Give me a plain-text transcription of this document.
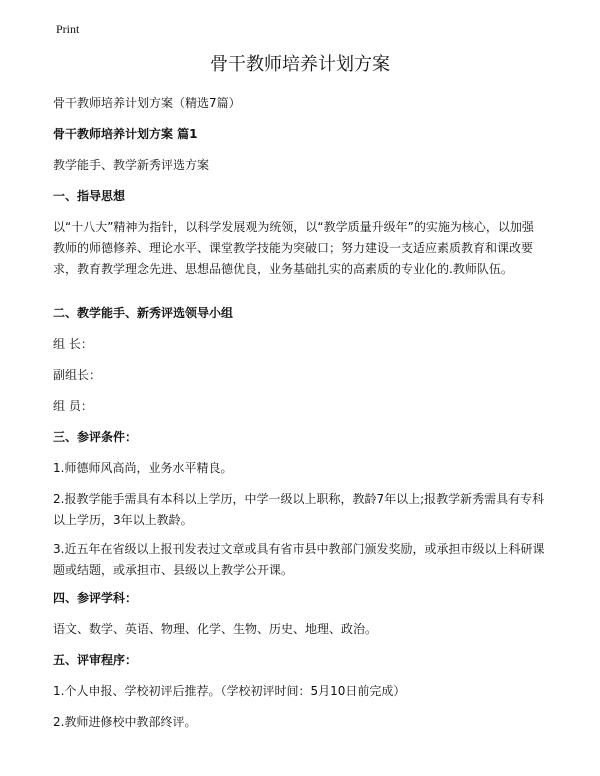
Print
骨干教师培养计划方案
骨干教师培养计划方案（精选7篇）
骨干教师培养计划方案 篇1
教学能手、教学新秀评选方案
一、指导思想
以“十八大”精神为指针，以科学发展观为统领，以“教学质量升级年”的实施为核心，以加强教师的师德修养、理论水平、课堂教学技能为突破口；努力建设一支适应素质教育和课改要求，教育教学理念先进、思想品德优良，业务基础扎实的高素质的专业化的.教师队伍。
二、教学能手、新秀评选领导小组
组 长：
副组长：
组 员：
三、参评条件：
1.师德师风高尚，业务水平精良。
2.报教学能手需具有本科以上学历，中学一级以上职称，教龄7年以上;报教学新秀需具有专科以上学历，3年以上教龄。
3.近五年在省级以上报刊发表过文章或具有省市县中教部门颁发奖励，或承担市级以上科研课题或结题，或承担市、县级以上教学公开课。
四、参评学科：
语文、数学、英语、物理、化学、生物、历史、地理、政治。
五、评审程序：
1.个人申报、学校初评后推荐。（学校初评时间：5月10日前完成）
2.教师进修校中教部终评。
